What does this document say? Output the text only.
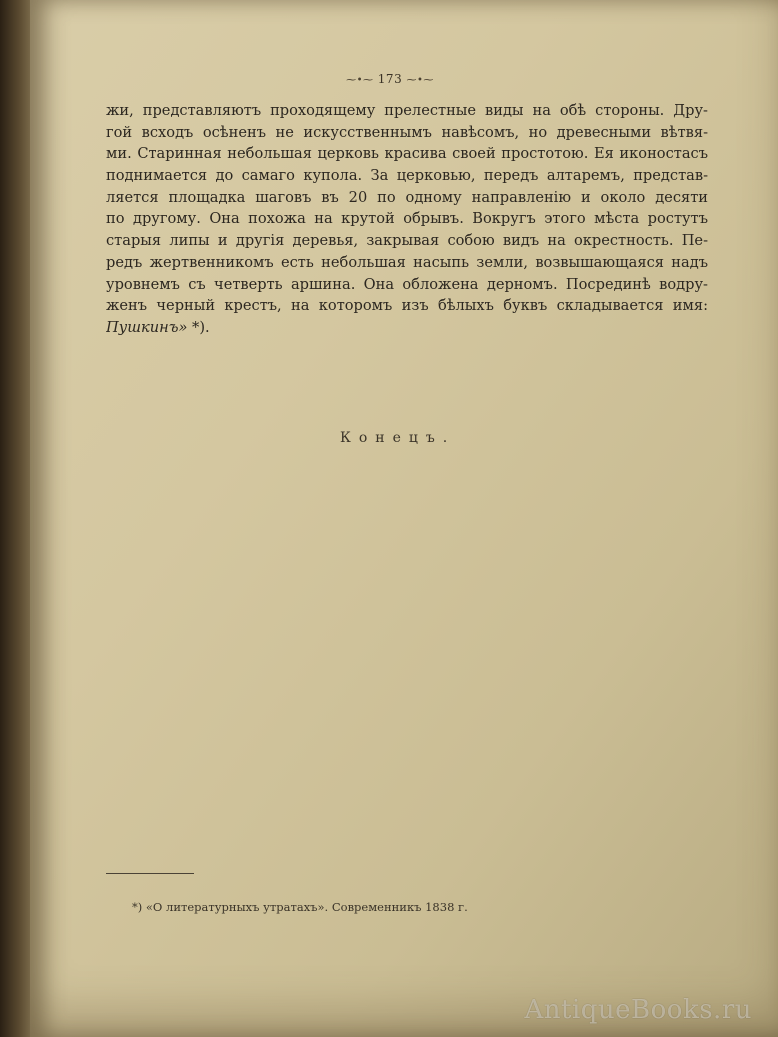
⁓•⁓ 173 ⁓•⁓
жи, представляютъ проходящему прелестные виды на обѣ стороны. Дру-
гой всходъ осѣненъ не искусственнымъ навѣсомъ, но древесными вѣтвя-
ми. Старинная небольшая церковь красива своей простотою. Ея иконостасъ
поднимается до самаго купола. За церковью, передъ алтаремъ, представ-
ляется площадка шаговъ въ 20 по одному направленію и около десяти
по другому. Она похожа на крутой обрывъ. Вокругъ этого мѣста ростутъ
старыя липы и другія деревья, закрывая собою видъ на окрестность. Пе-
редъ жертвенникомъ есть небольшая насыпь земли, возвышающаяся надъ
уровнемъ съ четверть аршина. Она обложена дерномъ. Посрединѣ водру-
женъ черный крестъ, на которомъ изъ бѣлыхъ буквъ складывается имя:
Пушкинъ» *).
Конецъ.
*) «О литературныхъ утратахъ». Современникъ 1838 г.
AntiqueBooks.ru
